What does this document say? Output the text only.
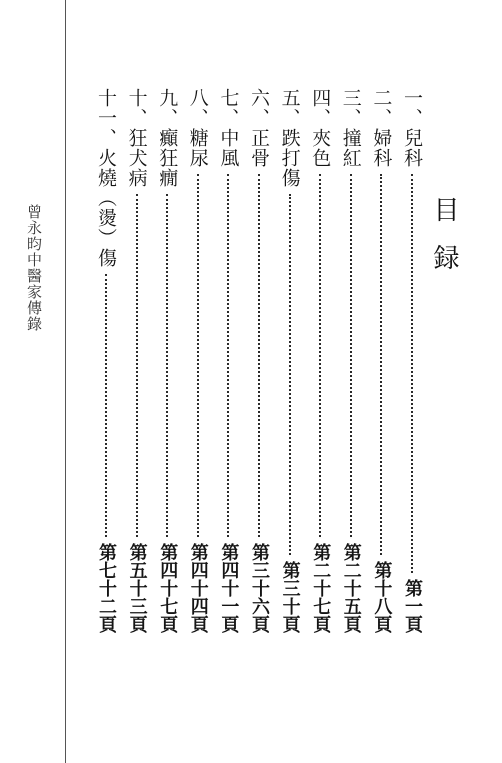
曾永昀中醫家傳錄	目録
一、兒科
第一頁
二、婦科
第十八頁
三、撞紅
第二十五頁
四、夾色
第二十七頁
五、跌打傷
第三十頁
六、正骨
第三十六頁
七、中風
第四十一頁
八、糖尿
第四十四頁
九、癲狂癇
第四十七頁
十、狂犬病
第五十三頁
十一、火燒（燙）傷
第七十二頁
